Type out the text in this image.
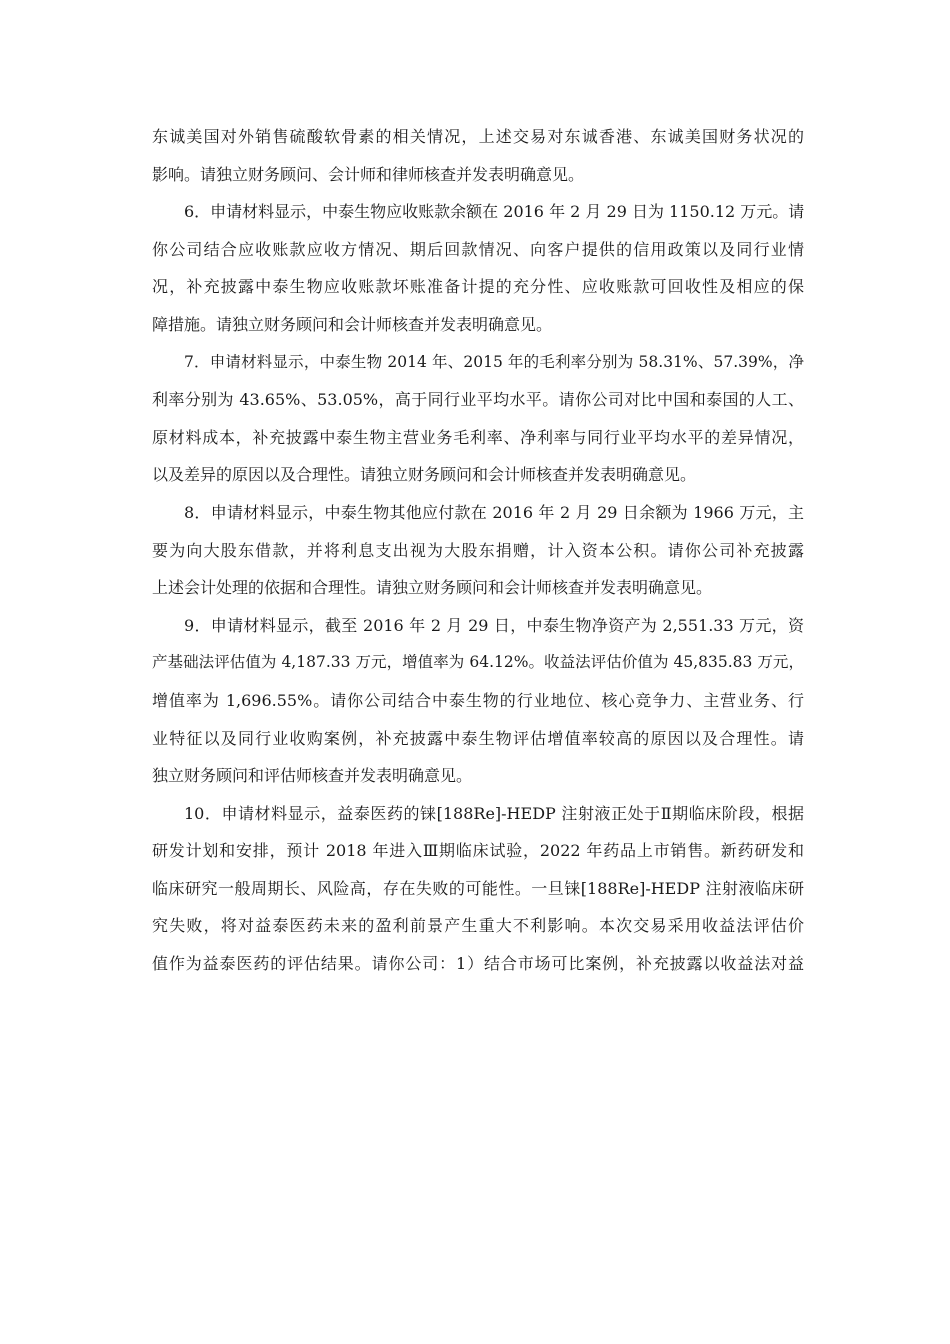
东诚美国对外销售硫酸软骨素的相关情况，上述交易对东诚香港、东诚美国财务状况的
影响。请独立财务顾问、会计师和律师核查并发表明确意见。
6．申请材料显示，中泰生物应收账款余额在 2016 年 2 月 29 日为 1150.12 万元。请
你公司结合应收账款应收方情况、期后回款情况、向客户提供的信用政策以及同行业情
况，补充披露中泰生物应收账款坏账准备计提的充分性、应收账款可回收性及相应的保
障措施。请独立财务顾问和会计师核查并发表明确意见。
7．申请材料显示，中泰生物 2014 年、2015 年的毛利率分别为 58.31%、57.39%，净
利率分别为 43.65%、53.05%，高于同行业平均水平。请你公司对比中国和泰国的人工、
原材料成本，补充披露中泰生物主营业务毛利率、净利率与同行业平均水平的差异情况，
以及差异的原因以及合理性。请独立财务顾问和会计师核查并发表明确意见。
8．申请材料显示，中泰生物其他应付款在 2016 年 2 月 29 日余额为 1966 万元，主
要为向大股东借款，并将利息支出视为大股东捐赠，计入资本公积。请你公司补充披露
上述会计处理的依据和合理性。请独立财务顾问和会计师核查并发表明确意见。
9．申请材料显示，截至 2016 年 2 月 29 日，中泰生物净资产为 2,551.33 万元，资
产基础法评估值为 4,187.33 万元，增值率为 64.12%。收益法评估价值为 45,835.83 万元，
增值率为 1,696.55%。请你公司结合中泰生物的行业地位、核心竞争力、主营业务、行
业特征以及同行业收购案例，补充披露中泰生物评估增值率较高的原因以及合理性。请
独立财务顾问和评估师核查并发表明确意见。
10．申请材料显示，益泰医药的铼[188Re]-HEDP 注射液正处于Ⅱ期临床阶段，根据
研发计划和安排，预计 2018 年进入Ⅲ期临床试验，2022 年药品上市销售。新药研发和
临床研究一般周期长、风险高，存在失败的可能性。一旦铼[188Re]-HEDP 注射液临床研
究失败，将对益泰医药未来的盈利前景产生重大不利影响。本次交易采用收益法评估价
值作为益泰医药的评估结果。请你公司：1）结合市场可比案例，补充披露以收益法对益
